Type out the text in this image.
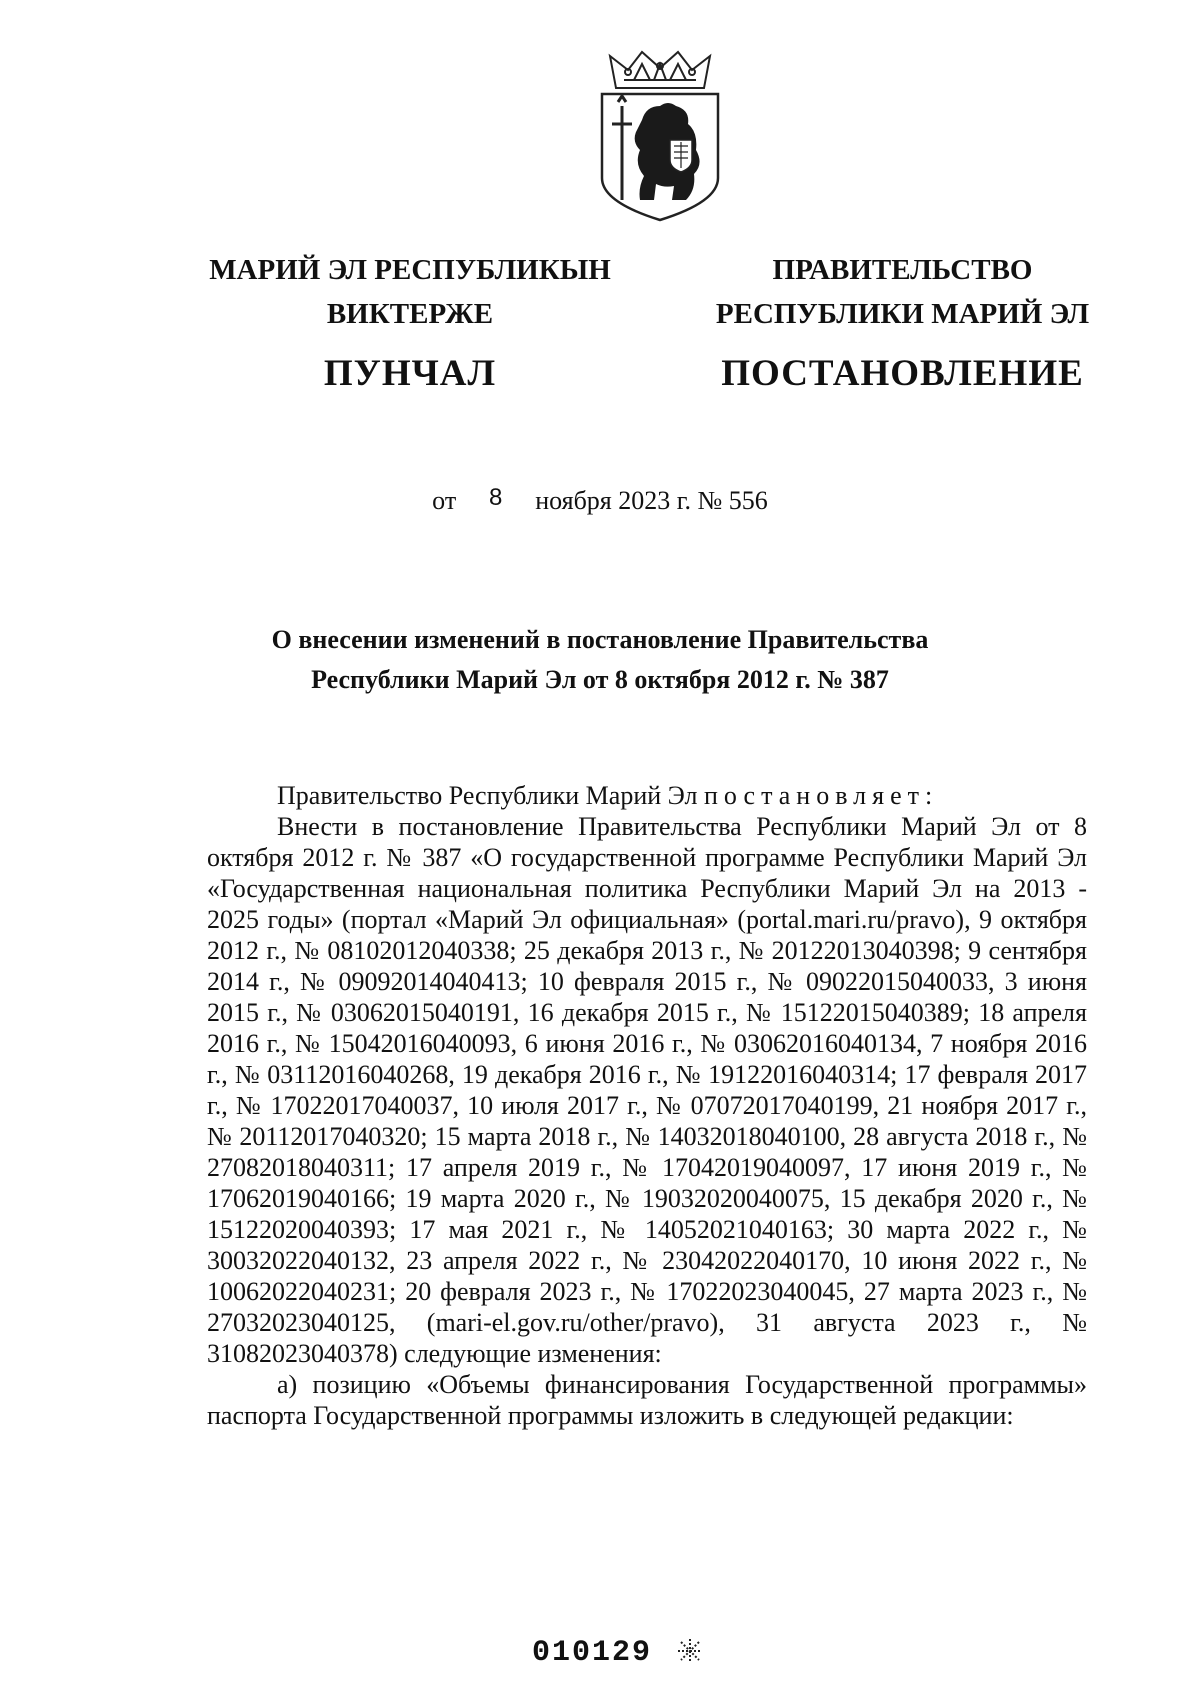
МАРИЙ ЭЛ РЕСПУБЛИКЫН
ВИКТЕРЖЕ
ПУНЧАЛ
ПРАВИТЕЛЬСТВО
РЕСПУБЛИКИ МАРИЙ ЭЛ
ПОСТАНОВЛЕНИЕ
от 8 ноября 2023 г. № 556
О внесении изменений в постановление Правительства
Республики Марий Эл от 8 октября 2012 г. № 387

Правительство Республики Марий Эл постановляет:

Внести в постановление Правительства Республики Марий Эл от 8 октября 2012 г. № 387 «О государственной программе Республики Марий Эл «Государственная национальная политика Республики Марий Эл на 2013 - 2025 годы» (портал «Марий Эл официальная» (portal.mari.ru/pravo), 9 октября 2012 г., № 08102012040338; 25 декабря 2013 г., № 20122013040398; 9 сентября 2014 г., № 09092014040413; 10 февраля 2015 г., № 09022015040033, 3 июня 2015 г., № 03062015040191, 16 декабря 2015 г., № 15122015040389; 18 апреля 2016 г., № 15042016040093, 6 июня 2016 г., № 03062016040134, 7 ноября 2016 г., № 03112016040268, 19 декабря 2016 г., № 19122016040314; 17 февраля 2017 г., № 17022017040037, 10 июля 2017 г., № 07072017040199, 21 ноября 2017 г., № 20112017040320; 15 марта 2018 г., № 14032018040100, 28 августа 2018 г., № 27082018040311; 17 апреля 2019 г., № 17042019040097, 17 июня 2019 г., № 17062019040166; 19 марта 2020 г., № 19032020040075, 15 декабря 2020 г., № 15122020040393; 17 мая 2021 г., № 14052021040163; 30 марта 2022 г., № 30032022040132, 23 апреля 2022 г., № 23042022040170, 10 июня 2022 г., № 10062022040231; 20 февраля 2023 г., № 17022023040045, 27 марта 2023 г., № 27032023040125, (mari-el.gov.ru/other/pravo), 31 августа 2023 г., № 31082023040378) следующие изменения:

а) позицию «Объемы финансирования Государственной программы» паспорта Государственной программы изложить в следующей редакции:

010129
